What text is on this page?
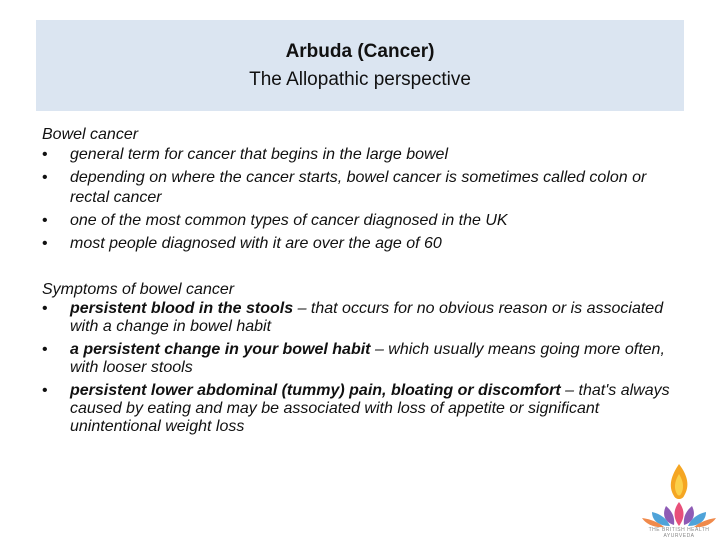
Arbuda (Cancer)
The Allopathic perspective
Bowel cancer
• general term for cancer that begins in the large bowel
• depending on where the cancer starts, bowel cancer is sometimes called colon or rectal cancer
• one of the most common types of cancer diagnosed in the UK
• most people diagnosed with it are over the age of 60
Symptoms of bowel cancer
• persistent blood in the stools – that occurs for no obvious reason or is associated with a change in bowel habit
• a persistent change in your bowel habit – which usually means going more often, with looser stools
• persistent lower abdominal (tummy) pain, bloating or discomfort – that's always caused by eating and may be associated with loss of appetite or significant unintentional weight loss
THE BRITISH HEALTH AYURVEDA
